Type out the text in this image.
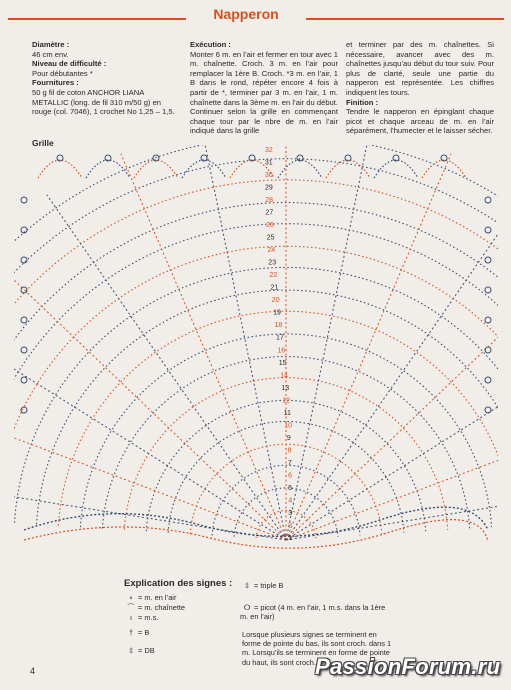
Napperon
Diamètre :
46 cm env.
Niveau de difficulté :
Pour débutantes *
Fournitures :
50 g fil de coton ANCHOR LIANA METALLIC (long. de fil 310 m/50 g) en rouge (col. 7046), 1 crochet No 1,25 – 1,5.
Exécution :
Monter 6 m. en l’air et fermer en tour avec 1 m. chaînette. Croch. 3 m. en l’air pour remplacer la 1ère B. Croch. *3 m. en l’air, 1 B dans le rond, répéter encore 4 fois à partir de *, terminer par 3 m. en l’air, 1 m. chaînette dans la 3ème m. en l’air du début. Continuer selon la grille en commençant chaque tour par le nbre de m. en l’air indiqué dans la grille
et terminer par des m. chaînettes. Si nécessaire, avancer avec des m. chaînettes jusqu’au début du tour suiv. Pour plus de clarté, seule une partie du napperon est représentée. Les chiffres indiquent les tours.
Finition :
Tendre le napperon en épinglant chaque picot et chaque arceau de m. en l’air séparément, l’humecter et le laisser sécher.
Grille
1
2
3
4
5
6
7
8
9
10
11
12
13
14
15
16
17
18
19
20
21
22
23
24
25
26
27
28
29
30
31
32
Explication des signes :
∘ = m. en l’air
⌒ = m. chaînette
ı = m.s.
† = B
‡ = DB
‡ = triple B
ⵔ = picot (4 m. en l’air, 1 m.s. dans la 1ère m. en l’air)
Lorsque plusieurs signes se terminent en forme de pointe du bas, ils sont croch. dans 1 m. Lorsqu’ils se terminent en forme de pointe du haut, ils sont croch.
4	PassionForum.ru
